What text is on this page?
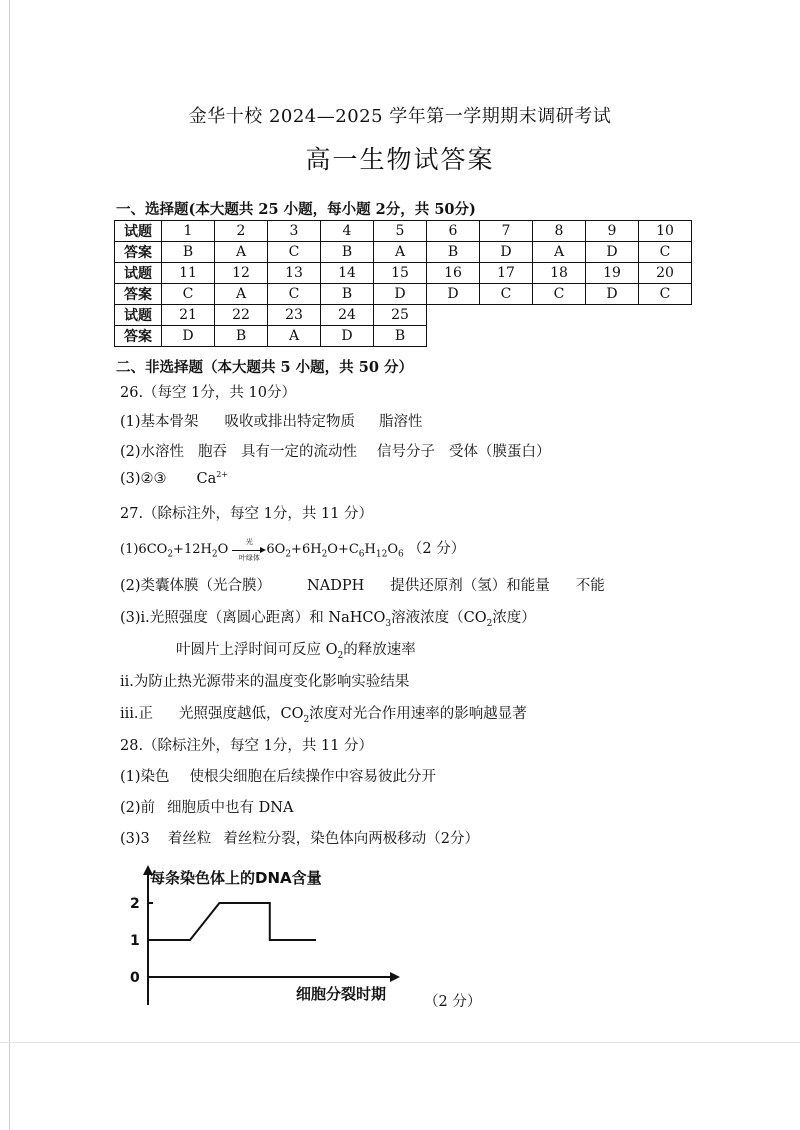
金华十校 2024—2025 学年第一学期期末调研考试
高一生物试答案
一、选择题(本大题共 25 小题，每小题 2分，共 50分)
试题	1	2	3	4	5	6	7	8	9	10
答案	B	A	C	B	A	B	D	A	D	C
试题	11	12	13	14	15	16	17	18	19	20
答案	C	A	C	B	D	D	C	C	D	C
试题	21	22	23	24	25					
答案	D	B	A	D	B					
二、非选择题（本大题共 5 小题，共 50 分）
26.（每空 1分，共 10分）
(1)基本骨架 吸收或排出特定物质 脂溶性
(2)水溶性 胞吞 具有一定的流动性 信号分子 受体（膜蛋白）
(3)②③ $Ca^{2+}$
27.（除标注外，每空 1分，共 11 分）
$(1)6CO_2+12H_2O$
光
叶绿体
$6O_2+6H_2O+C_6H_{12}O_6$ （2 分）
(2)类囊体膜（光合膜） NADPH 提供还原剂（氢）和能量 不能
(3)ⅰ.光照强度（离圆心距离）和 NaHCO$_3$溶液浓度（$CO_2$浓度）
叶圆片上浮时间可反应 $O_2$的释放速率
ⅱ.为防止热光源带来的温度变化影响实验结果
ⅲ.正 光照强度越低，$CO_2$浓度对光合作用速率的影响越显著
28.（除标注外，每空 1分，共 11 分）
(1)染色 使根尖细胞在后续操作中容易彼此分开
(2)前 细胞质中也有 DNA
(3)3 着丝粒 着丝粒分裂，染色体向两极移动（2分）
每条染色体上的DNA含量
细胞分裂时期
0
1
2
（2 分）
